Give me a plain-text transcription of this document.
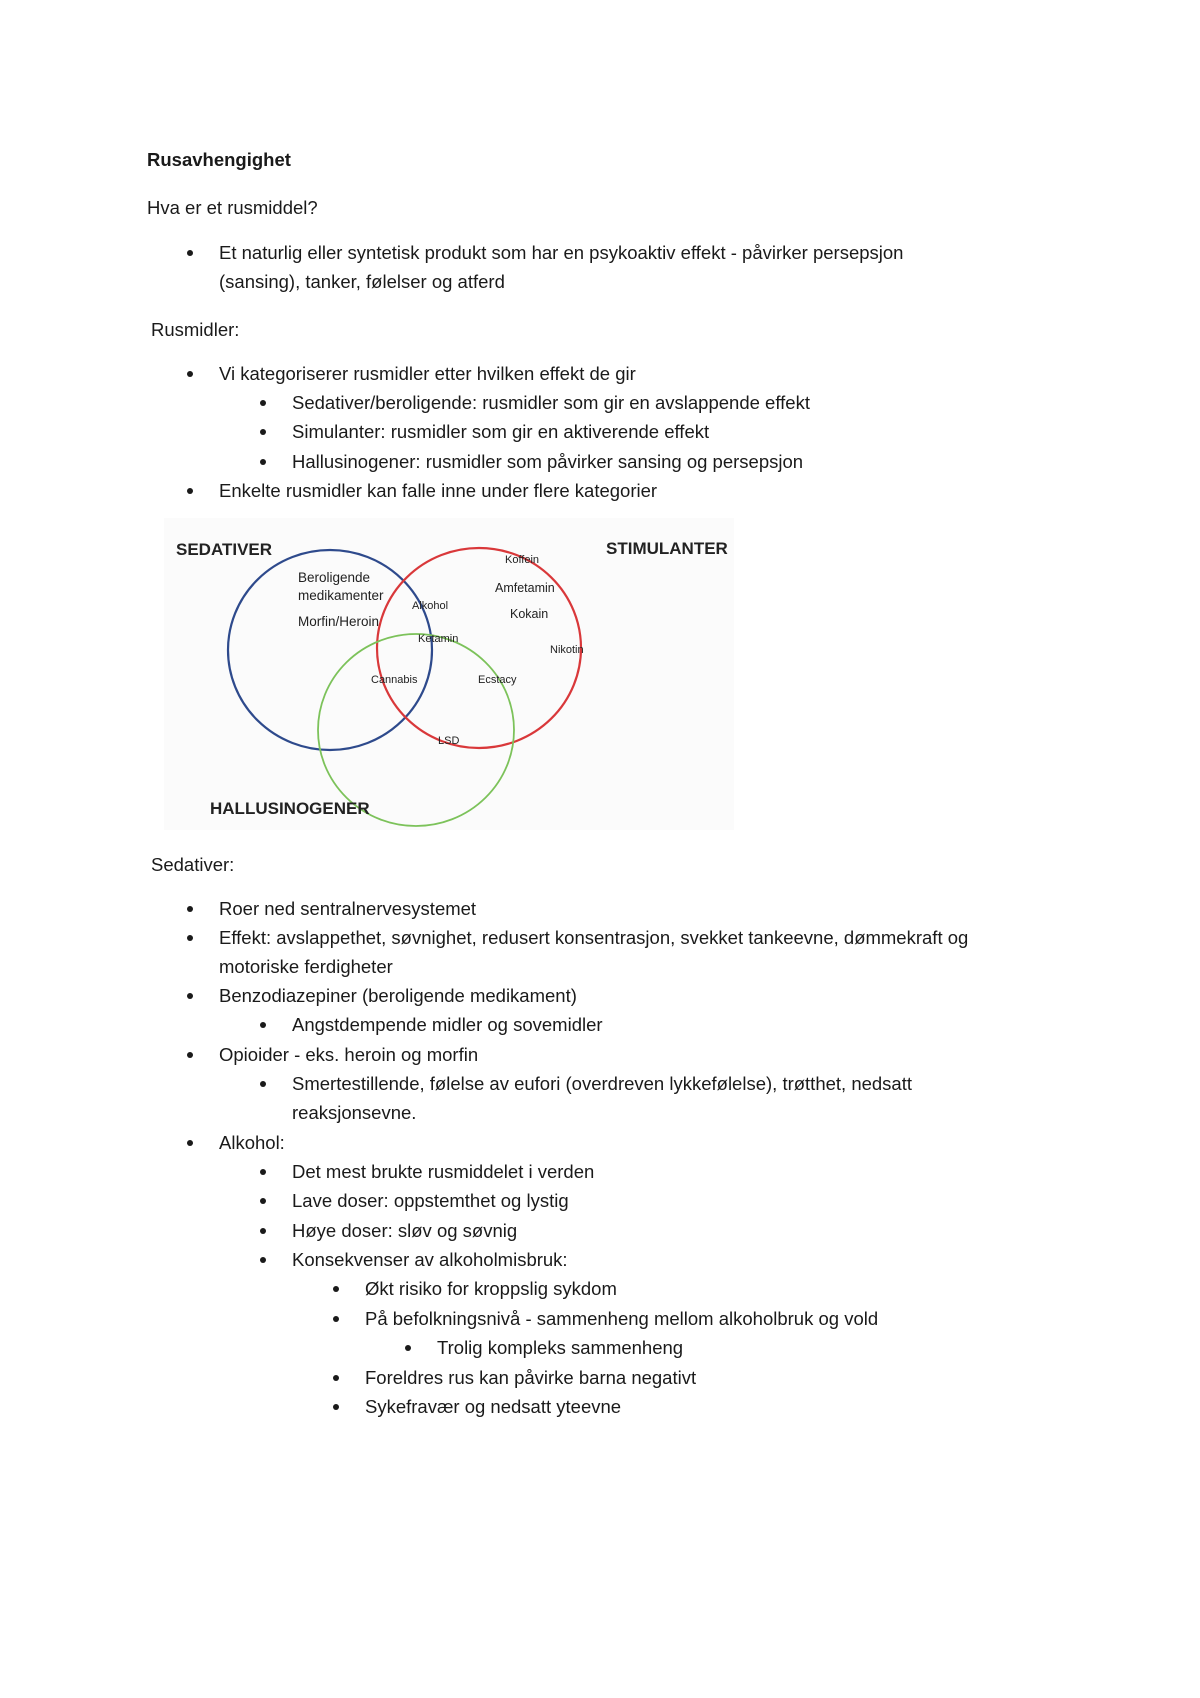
Rusavhengighet
Hva er et rusmiddel?
Et naturlig eller syntetisk produkt som har en psykoaktiv effekt - påvirker persepsjon
(sansing), tanker, følelser og atferd
Rusmidler:
Vi kategoriserer rusmidler etter hvilken effekt de gir
Sedativer/beroligende: rusmidler som gir en avslappende effekt
Simulanter: rusmidler som gir en aktiverende effekt
Hallusinogener: rusmidler som påvirker sansing og persepsjon
Enkelte rusmidler kan falle inne under flere kategorier
SEDATIVER	STIMULANTER
HALLUSINOGENER
Beroligende
medikamenter
Morfin/Heroin
Koffein
Amfetamin
Kokain
Nikotin
Alkohol
Ketamin
Cannabis	Ecstacy
LSD
Sedativer:
Roer ned sentralnervesystemet
Effekt: avslappethet, søvnighet, redusert konsentrasjon, svekket tankeevne, dømmekraft og
motoriske ferdigheter
Benzodiazepiner (beroligende medikament)
Angstdempende midler og sovemidler
Opioider - eks. heroin og morfin
Smertestillende, følelse av eufori (overdreven lykkefølelse), trøtthet, nedsatt
reaksjonsevne.
Alkohol:
Det mest brukte rusmiddelet i verden
Lave doser: oppstemthet og lystig
Høye doser: sløv og søvnig
Konsekvenser av alkoholmisbruk:
Økt risiko for kroppslig sykdom
På befolkningsnivå - sammenheng mellom alkoholbruk og vold
Trolig kompleks sammenheng
Foreldres rus kan påvirke barna negativt
Sykefravær og nedsatt yteevne
